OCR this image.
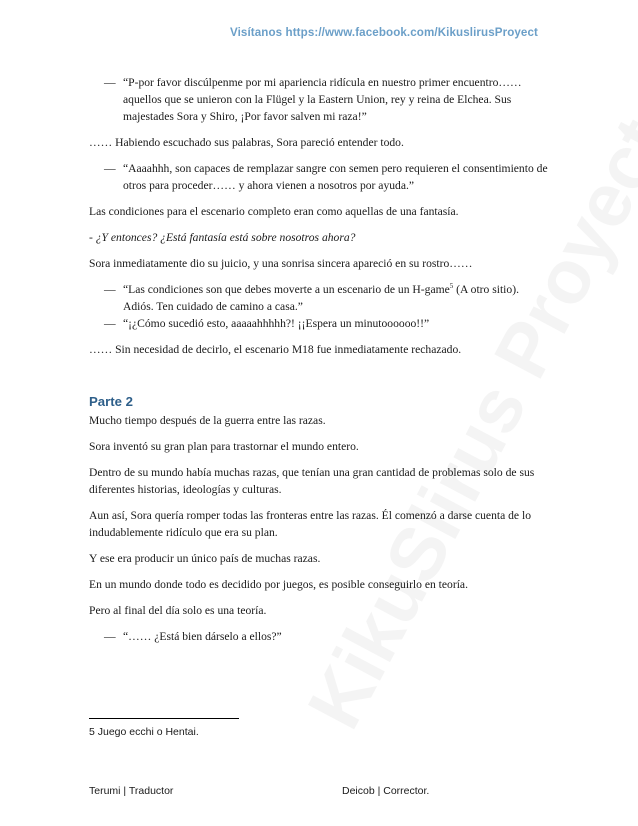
Visítanos https://www.facebook.com/KikuslirusProyect
— “P-por favor discúlpenme por mi apariencia ridícula en nuestro primer encuentro…… aquellos que se unieron con la Flügel y la Eastern Union, rey y reina de Elchea. Sus majestades Sora y Shiro, ¡Por favor salven mi raza!”

…… Habiendo escuchado sus palabras, Sora pareció entender todo.

— “Aaaahhh, son capaces de remplazar sangre con semen pero requieren el consentimiento de otros para proceder…… y ahora vienen a nosotros por ayuda.”

Las condiciones para el escenario completo eran como aquellas de una fantasía.

- ¿Y entonces? ¿Está fantasía está sobre nosotros ahora?

Sora inmediatamente dio su juicio, y una sonrisa sincera apareció en su rostro……

— “Las condiciones son que debes moverte a un escenario de un H-game$^5$ (A otro sitio). Adiós. Ten cuidado de camino a casa.”
— “¡¿Cómo sucedió esto, aaaaahhhhh?! ¡¡Espera un minutoooooo!!”

…… Sin necesidad de decirlo, el escenario M18 fue inmediatamente rechazado.

Parte 2

Mucho tiempo después de la guerra entre las razas.

Sora inventó su gran plan para trastornar el mundo entero.

Dentro de su mundo había muchas razas, que tenían una gran cantidad de problemas solo de sus diferentes historias, ideologías y culturas.

Aun así, Sora quería romper todas las fronteras entre las razas. Él comenzó a darse cuenta de lo indudablemente ridículo que era su plan.

Y ese era producir un único país de muchas razas.

En un mundo donde todo es decidido por juegos, es posible conseguirlo en teoría.

Pero al final del día solo es una teoría.

— “…… ¿Está bien dárselo a ellos?”
5 Juego ecchi o Hentai.
Terumi | Traductor	Deicob | Corrector.
